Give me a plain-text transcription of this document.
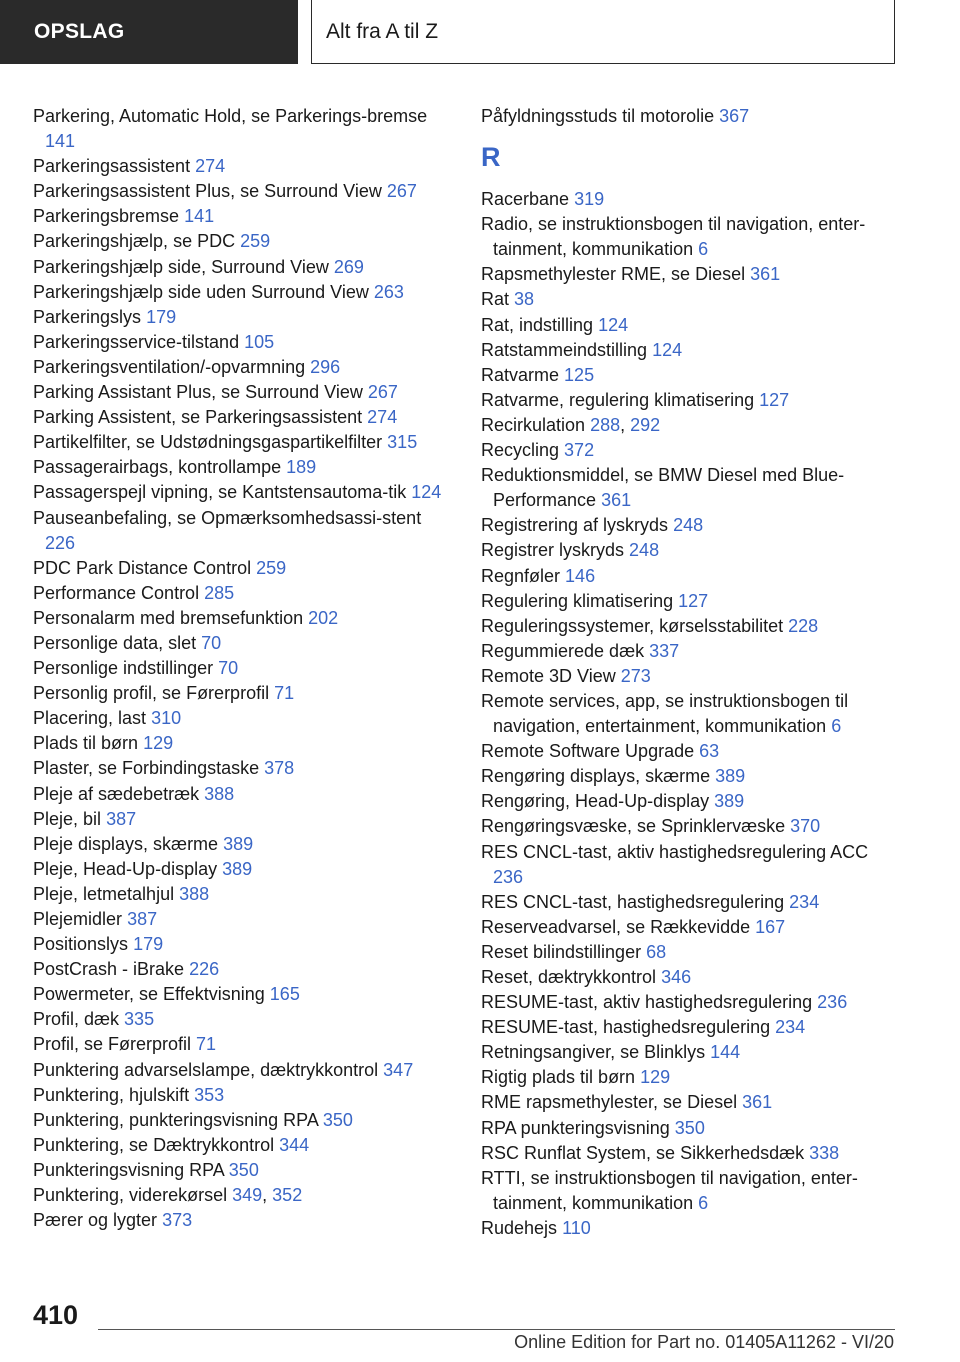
OPSLAG	Alt fra A til Z

Parkering, Automatic Hold, se Parkerings-bremse 141

Parkeringsassistent 274

Parkeringsassistent Plus, se Surround View 267

Parkeringsbremse 141

Parkeringshjælp, se PDC 259

Parkeringshjælp side, Surround View 269

Parkeringshjælp side uden Surround View 263

Parkeringslys 179

Parkeringsservice-tilstand 105

Parkeringsventilation/-opvarmning 296

Parking Assistant Plus, se Surround View 267

Parking Assistent, se Parkeringsassistent 274

Partikelfilter, se Udstødningsgaspartikelfilter 315

Passagerairbags, kontrollampe 189

Passagerspejl vipning, se Kantstensautoma-tik 124

Pauseanbefaling, se Opmærksomhedsassi-stent 226

PDC Park Distance Control 259

Performance Control 285

Personalarm med bremsefunktion 202

Personlige data, slet 70

Personlige indstillinger 70

Personlig profil, se Førerprofil 71

Placering, last 310

Plads til børn 129

Plaster, se Forbindingstaske 378

Pleje af sædebetræk 388

Pleje, bil 387

Pleje displays, skærme 389

Pleje, Head-Up-display 389

Pleje, letmetalhjul 388

Plejemidler 387

Positionslys 179

PostCrash - iBrake 226

Powermeter, se Effektvisning 165

Profil, dæk 335

Profil, se Førerprofil 71

Punktering advarselslampe, dæktrykkontrol 347

Punktering, hjulskift 353

Punktering, punkteringsvisning RPA 350

Punktering, se Dæktrykkontrol 344

Punkteringsvisning RPA 350

Punktering, viderekørsel 349, 352

Pærer og lygter 373

Påfyldningsstuds til motorolie 367

R

Racerbane 319

Radio, se instruktionsbogen til navigation, enter-tainment, kommunikation 6

Rapsmethylester RME, se Diesel 361

Rat 38

Rat, indstilling 124

Ratstammeindstilling 124

Ratvarme 125

Ratvarme, regulering klimatisering 127

Recirkulation 288, 292

Recycling 372

Reduktionsmiddel, se BMW Diesel med Blue-Performance 361

Registrering af lyskryds 248

Registrer lyskryds 248

Regnføler 146

Regulering klimatisering 127

Reguleringssystemer, kørselsstabilitet 228

Regummierede dæk 337

Remote 3D View 273

Remote services, app, se instruktionsbogen til navigation, entertainment, kommunikation 6

Remote Software Upgrade 63

Rengøring displays, skærme 389

Rengøring, Head-Up-display 389

Rengøringsvæske, se Sprinklervæske 370

RES CNCL-tast, aktiv hastighedsregulering ACC 236

RES CNCL-tast, hastighedsregulering 234

Reserveadvarsel, se Rækkevidde 167

Reset bilindstillinger 68

Reset, dæktrykkontrol 346

RESUME-tast, aktiv hastighedsregulering 236

RESUME-tast, hastighedsregulering 234

Retningsangiver, se Blinklys 144

Rigtig plads til børn 129

RME rapsmethylester, se Diesel 361

RPA punkteringsvisning 350

RSC Runflat System, se Sikkerhedsdæk 338

RTTI, se instruktionsbogen til navigation, enter-tainment, kommunikation 6

Rudehejs 110

410
Online Edition for Part no. 01405A11262 - VI/20
